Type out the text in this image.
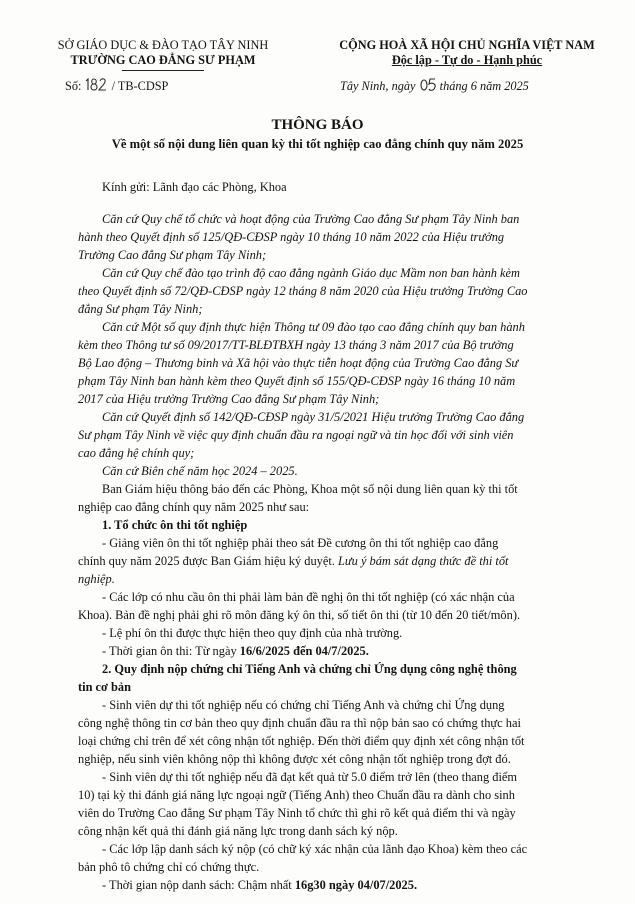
SỞ GIÁO DỤC & ĐÀO TẠO TÂY NINH
TRƯỜNG CAO ĐẲNG SƯ PHẠM
CỘNG HOÀ XÃ HỘI CHỦ NGHĨA VIỆT NAM
Độc lập - Tự do - Hạnh phúc
Số: / TB-CDSP	Tây Ninh, ngày tháng 6 năm 2025
THÔNG BÁO
Về một số nội dung liên quan kỳ thi tốt nghiệp cao đẳng chính quy năm 2025
Kính gửi: Lãnh đạo các Phòng, Khoa
Căn cứ Quy chế tổ chức và hoạt động của Trường Cao đẳng Sư phạm Tây Ninh ban
hành theo Quyết định số 125/QĐ-CĐSP ngày 10 tháng 10 năm 2022 của Hiệu trưởng
Trường Cao đẳng Sư phạm Tây Ninh;
Căn cứ Quy chế đào tạo trình độ cao đẳng ngành Giáo dục Mầm non ban hành kèm
theo Quyết định số 72/QĐ-CĐSP ngày 12 tháng 8 năm 2020 của Hiệu trưởng Trường Cao
đẳng Sư phạm Tây Ninh;
Căn cứ Một số quy định thực hiện Thông tư 09 đào tạo cao đẳng chính quy ban hành
kèm theo Thông tư số 09/2017/TT-BLĐTBXH ngày 13 tháng 3 năm 2017 của Bộ trưởng
Bộ Lao động – Thương binh và Xã hội vào thực tiễn hoạt động của Trường Cao đẳng Sư
phạm Tây Ninh ban hành kèm theo Quyết định số 155/QĐ-CĐSP ngày 16 tháng 10 năm
2017 của Hiệu trưởng Trường Cao đẳng Sư phạm Tây Ninh;
Căn cứ Quyết định số 142/QĐ-CĐSP ngày 31/5/2021 Hiệu trưởng Trường Cao đẳng
Sư phạm Tây Ninh về việc quy định chuẩn đầu ra ngoại ngữ và tin học đối với sinh viên
cao đẳng hệ chính quy;
Căn cứ Biên chế năm học 2024 – 2025.
Ban Giám hiệu thông báo đến các Phòng, Khoa một số nội dung liên quan kỳ thi tốt
nghiệp cao đẳng chính quy năm 2025 như sau:
1. Tổ chức ôn thi tốt nghiệp
- Giảng viên ôn thi tốt nghiệp phải theo sát Đề cương ôn thi tốt nghiệp cao đẳng
chính quy năm 2025 được Ban Giám hiệu ký duyệt. Lưu ý bám sát dạng thức đề thi tốt
nghiệp.
- Các lớp có nhu cầu ôn thi phải làm bản đề nghị ôn thi tốt nghiệp (có xác nhận của
Khoa). Bản đề nghị phải ghi rõ môn đăng ký ôn thi, số tiết ôn thi (từ 10 đến 20 tiết/môn).
- Lệ phí ôn thi được thực hiện theo quy định của nhà trường.
- Thời gian ôn thi: Từ ngày 16/6/2025 đến 04/7/2025.
2. Quy định nộp chứng chỉ Tiếng Anh và chứng chỉ Ứng dụng công nghệ thông
tin cơ bản
- Sinh viên dự thi tốt nghiệp nếu có chứng chỉ Tiếng Anh và chứng chỉ Ứng dụng
công nghệ thông tin cơ bản theo quy định chuẩn đầu ra thì nộp bản sao có chứng thực hai
loại chứng chỉ trên để xét công nhận tốt nghiệp. Đến thời điểm quy định xét công nhận tốt
nghiệp, nếu sinh viên không nộp thì không được xét công nhận tốt nghiệp trong đợt đó.
- Sinh viên dự thi tốt nghiệp nếu đã đạt kết quả từ 5.0 điểm trở lên (theo thang điểm
10) tại kỳ thi đánh giá năng lực ngoại ngữ (Tiếng Anh) theo Chuẩn đầu ra dành cho sinh
viên do Trường Cao đẳng Sư phạm Tây Ninh tổ chức thì ghi rõ kết quả điểm thi và ngày
công nhận kết quả thi đánh giá năng lực trong danh sách ký nộp.
- Các lớp lập danh sách ký nộp (có chữ ký xác nhận của lãnh đạo Khoa) kèm theo các
bản phô tô chứng chỉ có chứng thực.
- Thời gian nộp danh sách: Chậm nhất 16g30 ngày 04/07/2025.
